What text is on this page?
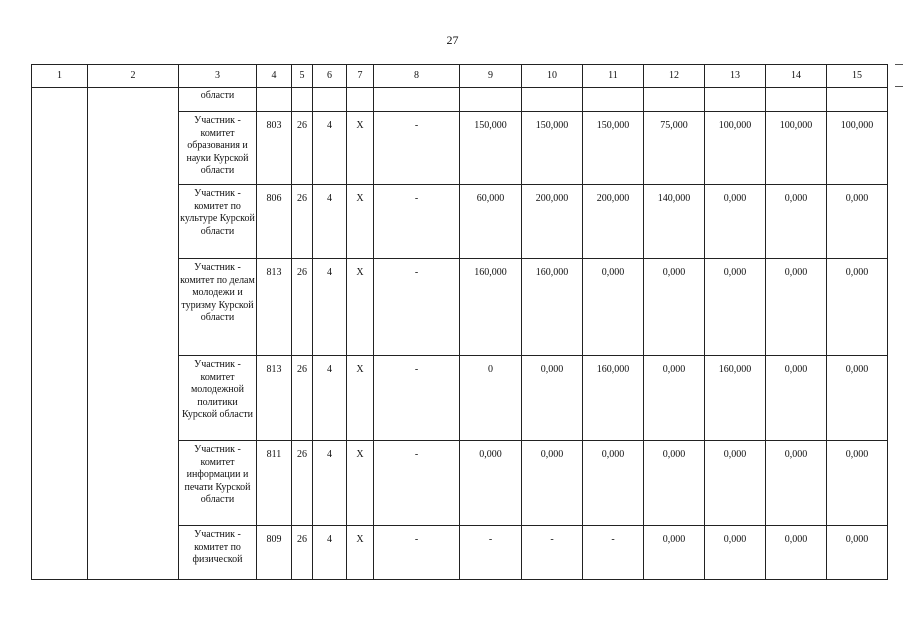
27
1	2	3	4	5	6	7	8	9	10	11	12	13	14	15
		области												
		Участник - комитет образования и науки Курской области	803	26	4	Х	-	150,000	150,000	150,000	75,000	100,000	100,000	100,000
		Участник - комитет по культуре Курской области	806	26	4	Х	-	60,000	200,000	200,000	140,000	0,000	0,000	0,000
		Участник - комитет по делам молодежи и туризму Курской области	813	26	4	Х	-	160,000	160,000	0,000	0,000	0,000	0,000	0,000
		Участник - комитет молодежной политики Курской области	813	26	4	Х	-	0	0,000	160,000	0,000	160,000	0,000	0,000
		Участник - комитет информации и печати Курской области	811	26	4	Х	-	0,000	0,000	0,000	0,000	0,000	0,000	0,000
		Участник - комитет по физической	809	26	4	Х	-	-	-	-	0,000	0,000	0,000	0,000
